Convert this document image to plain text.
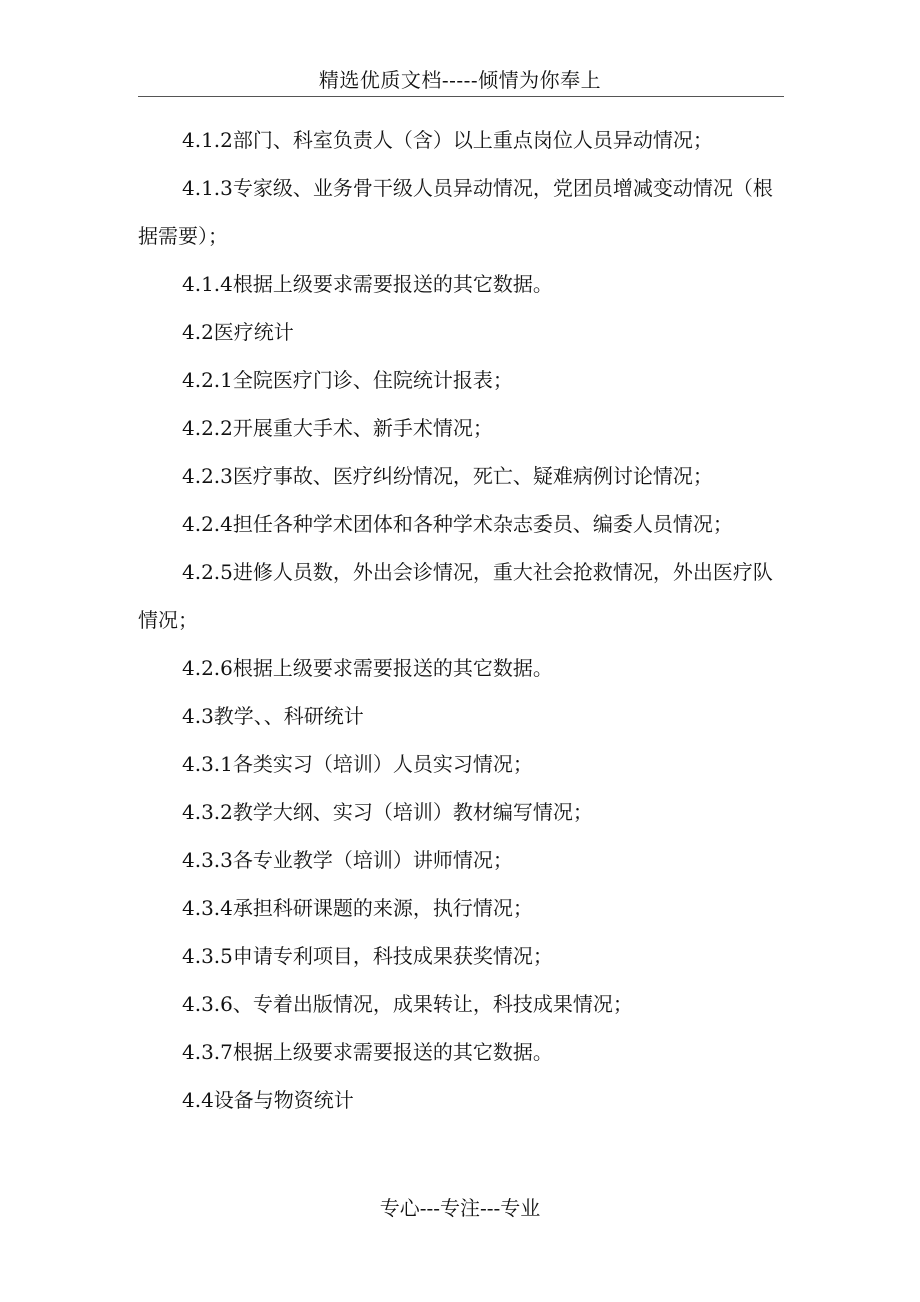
精选优质文档-----倾情为你奉上

4.1.2部门、科室负责人（含）以上重点岗位人员异动情况；

4.1.3专家级、业务骨干级人员异动情况，党团员增减变动情况（根据需要）；

4.1.4根据上级要求需要报送的其它数据。

4.2医疗统计

4.2.1全院医疗门诊、住院统计报表；

4.2.2开展重大手术、新手术情况；

4.2.3医疗事故、医疗纠纷情况，死亡、疑难病例讨论情况；

4.2.4担任各种学术团体和各种学术杂志委员、编委人员情况；

4.2.5进修人员数，外出会诊情况，重大社会抢救情况，外出医疗队情况；

4.2.6根据上级要求需要报送的其它数据。

4.3教学、、科研统计

4.3.1各类实习（培训）人员实习情况；

4.3.2教学大纲、实习（培训）教材编写情况；

4.3.3各专业教学（培训）讲师情况；

4.3.4承担科研课题的来源，执行情况；

4.3.5申请专利项目，科技成果获奖情况；

4.3.6、专着出版情况，成果转让，科技成果情况；

4.3.7根据上级要求需要报送的其它数据。

4.4设备与物资统计

专心---专注---专业
